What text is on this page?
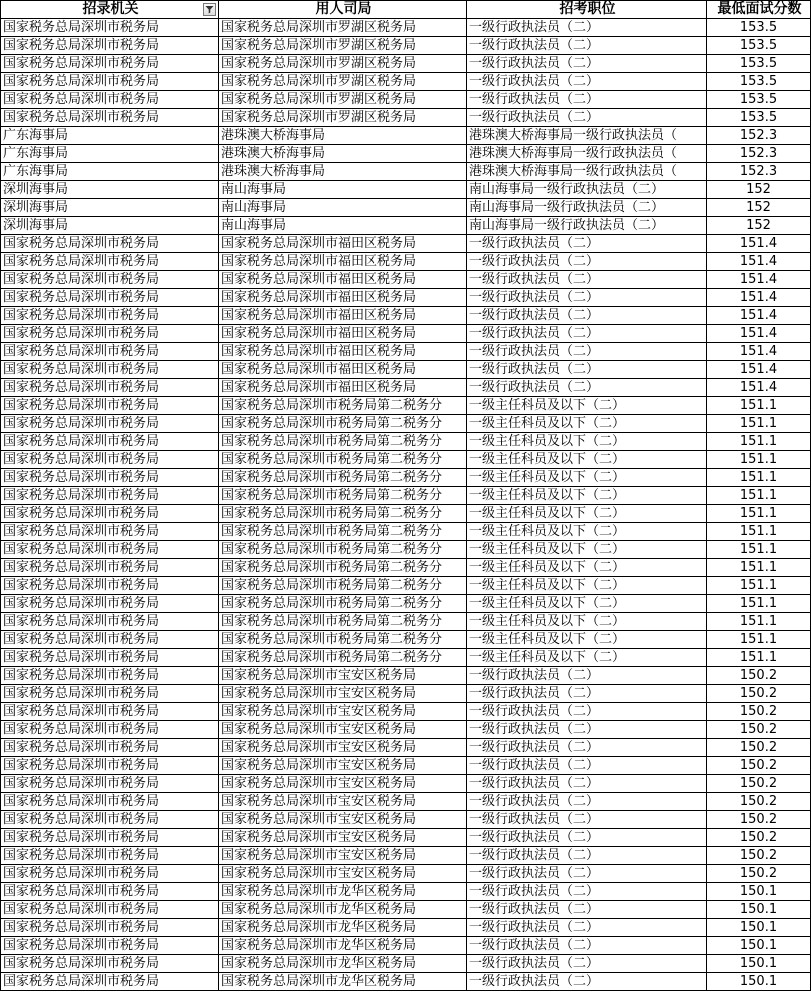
招录机关	用人司局	招考职位	最低面试分数
国家税务总局深圳市税务局	国家税务总局深圳市罗湖区税务局	一级行政执法员（二）	153.5
国家税务总局深圳市税务局	国家税务总局深圳市罗湖区税务局	一级行政执法员（二）	153.5
国家税务总局深圳市税务局	国家税务总局深圳市罗湖区税务局	一级行政执法员（二）	153.5
国家税务总局深圳市税务局	国家税务总局深圳市罗湖区税务局	一级行政执法员（二）	153.5
国家税务总局深圳市税务局	国家税务总局深圳市罗湖区税务局	一级行政执法员（二）	153.5
国家税务总局深圳市税务局	国家税务总局深圳市罗湖区税务局	一级行政执法员（二）	153.5
广东海事局	港珠澳大桥海事局	港珠澳大桥海事局一级行政执法员（	152.3
广东海事局	港珠澳大桥海事局	港珠澳大桥海事局一级行政执法员（	152.3
广东海事局	港珠澳大桥海事局	港珠澳大桥海事局一级行政执法员（	152.3
深圳海事局	南山海事局	南山海事局一级行政执法员（二）	152
深圳海事局	南山海事局	南山海事局一级行政执法员（二）	152
深圳海事局	南山海事局	南山海事局一级行政执法员（二）	152
国家税务总局深圳市税务局	国家税务总局深圳市福田区税务局	一级行政执法员（二）	151.4
国家税务总局深圳市税务局	国家税务总局深圳市福田区税务局	一级行政执法员（二）	151.4
国家税务总局深圳市税务局	国家税务总局深圳市福田区税务局	一级行政执法员（二）	151.4
国家税务总局深圳市税务局	国家税务总局深圳市福田区税务局	一级行政执法员（二）	151.4
国家税务总局深圳市税务局	国家税务总局深圳市福田区税务局	一级行政执法员（二）	151.4
国家税务总局深圳市税务局	国家税务总局深圳市福田区税务局	一级行政执法员（二）	151.4
国家税务总局深圳市税务局	国家税务总局深圳市福田区税务局	一级行政执法员（二）	151.4
国家税务总局深圳市税务局	国家税务总局深圳市福田区税务局	一级行政执法员（二）	151.4
国家税务总局深圳市税务局	国家税务总局深圳市福田区税务局	一级行政执法员（二）	151.4
国家税务总局深圳市税务局	国家税务总局深圳市税务局第二税务分	一级主任科员及以下（二）	151.1
国家税务总局深圳市税务局	国家税务总局深圳市税务局第二税务分	一级主任科员及以下（二）	151.1
国家税务总局深圳市税务局	国家税务总局深圳市税务局第二税务分	一级主任科员及以下（二）	151.1
国家税务总局深圳市税务局	国家税务总局深圳市税务局第二税务分	一级主任科员及以下（二）	151.1
国家税务总局深圳市税务局	国家税务总局深圳市税务局第二税务分	一级主任科员及以下（二）	151.1
国家税务总局深圳市税务局	国家税务总局深圳市税务局第二税务分	一级主任科员及以下（二）	151.1
国家税务总局深圳市税务局	国家税务总局深圳市税务局第二税务分	一级主任科员及以下（二）	151.1
国家税务总局深圳市税务局	国家税务总局深圳市税务局第二税务分	一级主任科员及以下（二）	151.1
国家税务总局深圳市税务局	国家税务总局深圳市税务局第二税务分	一级主任科员及以下（二）	151.1
国家税务总局深圳市税务局	国家税务总局深圳市税务局第二税务分	一级主任科员及以下（二）	151.1
国家税务总局深圳市税务局	国家税务总局深圳市税务局第二税务分	一级主任科员及以下（二）	151.1
国家税务总局深圳市税务局	国家税务总局深圳市税务局第二税务分	一级主任科员及以下（二）	151.1
国家税务总局深圳市税务局	国家税务总局深圳市税务局第二税务分	一级主任科员及以下（二）	151.1
国家税务总局深圳市税务局	国家税务总局深圳市税务局第二税务分	一级主任科员及以下（二）	151.1
国家税务总局深圳市税务局	国家税务总局深圳市税务局第二税务分	一级主任科员及以下（二）	151.1
国家税务总局深圳市税务局	国家税务总局深圳市宝安区税务局	一级行政执法员（二）	150.2
国家税务总局深圳市税务局	国家税务总局深圳市宝安区税务局	一级行政执法员（二）	150.2
国家税务总局深圳市税务局	国家税务总局深圳市宝安区税务局	一级行政执法员（二）	150.2
国家税务总局深圳市税务局	国家税务总局深圳市宝安区税务局	一级行政执法员（二）	150.2
国家税务总局深圳市税务局	国家税务总局深圳市宝安区税务局	一级行政执法员（二）	150.2
国家税务总局深圳市税务局	国家税务总局深圳市宝安区税务局	一级行政执法员（二）	150.2
国家税务总局深圳市税务局	国家税务总局深圳市宝安区税务局	一级行政执法员（二）	150.2
国家税务总局深圳市税务局	国家税务总局深圳市宝安区税务局	一级行政执法员（二）	150.2
国家税务总局深圳市税务局	国家税务总局深圳市宝安区税务局	一级行政执法员（二）	150.2
国家税务总局深圳市税务局	国家税务总局深圳市宝安区税务局	一级行政执法员（二）	150.2
国家税务总局深圳市税务局	国家税务总局深圳市宝安区税务局	一级行政执法员（二）	150.2
国家税务总局深圳市税务局	国家税务总局深圳市宝安区税务局	一级行政执法员（二）	150.2
国家税务总局深圳市税务局	国家税务总局深圳市龙华区税务局	一级行政执法员（二）	150.1
国家税务总局深圳市税务局	国家税务总局深圳市龙华区税务局	一级行政执法员（二）	150.1
国家税务总局深圳市税务局	国家税务总局深圳市龙华区税务局	一级行政执法员（二）	150.1
国家税务总局深圳市税务局	国家税务总局深圳市龙华区税务局	一级行政执法员（二）	150.1
国家税务总局深圳市税务局	国家税务总局深圳市龙华区税务局	一级行政执法员（二）	150.1
国家税务总局深圳市税务局	国家税务总局深圳市龙华区税务局	一级行政执法员（二）	150.1
